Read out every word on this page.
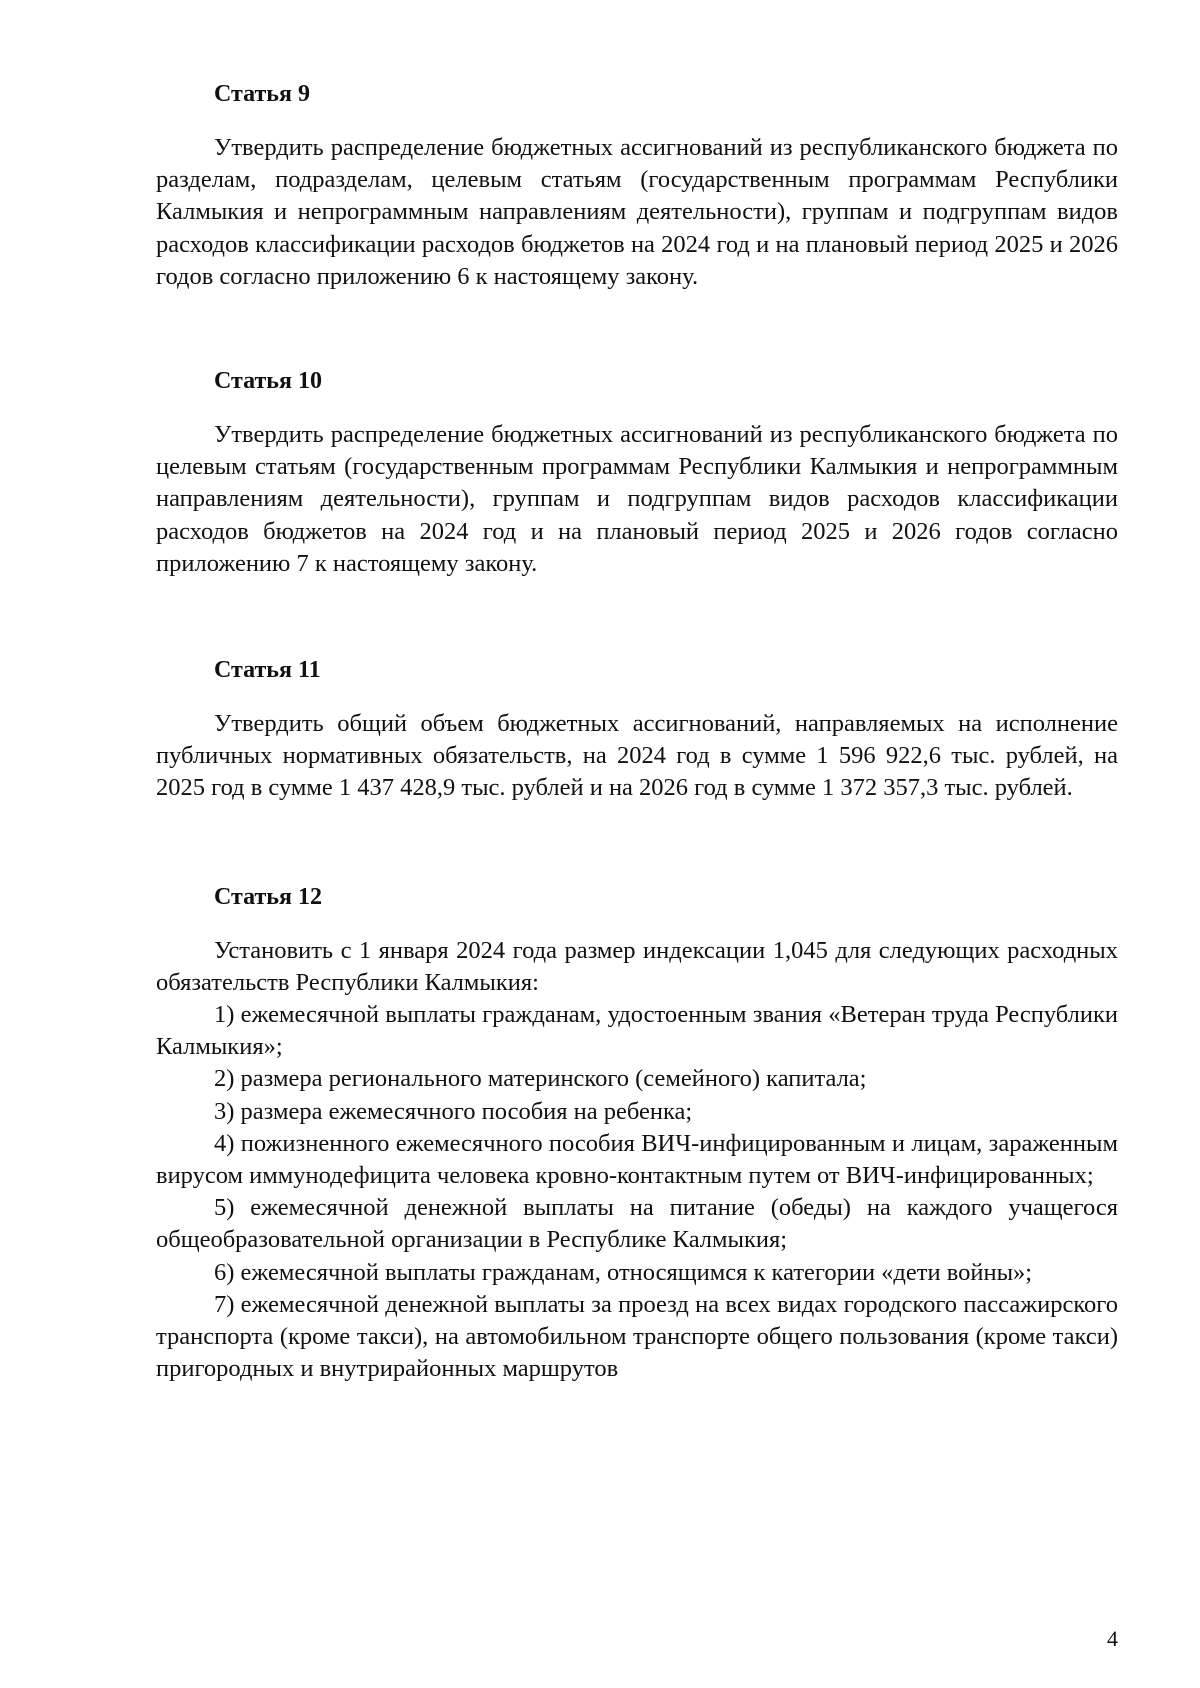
Статья 9

Утвердить распределение бюджетных ассигнований из республиканского бюджета по разделам, подразделам, целевым статьям (государственным программам Республики Калмыкия и непрограммным направлениям деятельности), группам и подгруппам видов расходов классификации расходов бюджетов на 2024 год и на плановый период 2025 и 2026 годов согласно приложению 6 к настоящему закону.

Статья 10

Утвердить распределение бюджетных ассигнований из республиканского бюджета по целевым статьям (государственным программам Республики Калмыкия и непрограммным направлениям деятельности), группам и подгруппам видов расходов классификации расходов бюджетов на 2024 год и на плановый период 2025 и 2026 годов согласно приложению 7 к настоящему закону.

Статья 11

Утвердить общий объем бюджетных ассигнований, направляемых на исполнение публичных нормативных обязательств, на 2024 год в сумме 1 596 922,6 тыс. рублей, на 2025 год в сумме 1 437 428,9 тыс. рублей и на 2026 год в сумме 1 372 357,3 тыс. рублей.

Статья 12

Установить с 1 января 2024 года размер индексации 1,045 для следующих расходных обязательств Республики Калмыкия:

1) ежемесячной выплаты гражданам, удостоенным звания «Ветеран труда Республики Калмыкия»;
2) размера регионального материнского (семейного) капитала;
3) размера ежемесячного пособия на ребенка;
4) пожизненного ежемесячного пособия ВИЧ-инфицированным и лицам, зараженным вирусом иммунодефицита человека кровно-контактным путем от ВИЧ-инфицированных;
5) ежемесячной денежной выплаты на питание (обеды) на каждого учащегося общеобразовательной организации в Республике Калмыкия;
6) ежемесячной выплаты гражданам, относящимся к категории «дети войны»;
7) ежемесячной денежной выплаты за проезд на всех видах городского пассажирского транспорта (кроме такси), на автомобильном транспорте общего пользования (кроме такси) пригородных и внутрирайонных маршрутов
4
